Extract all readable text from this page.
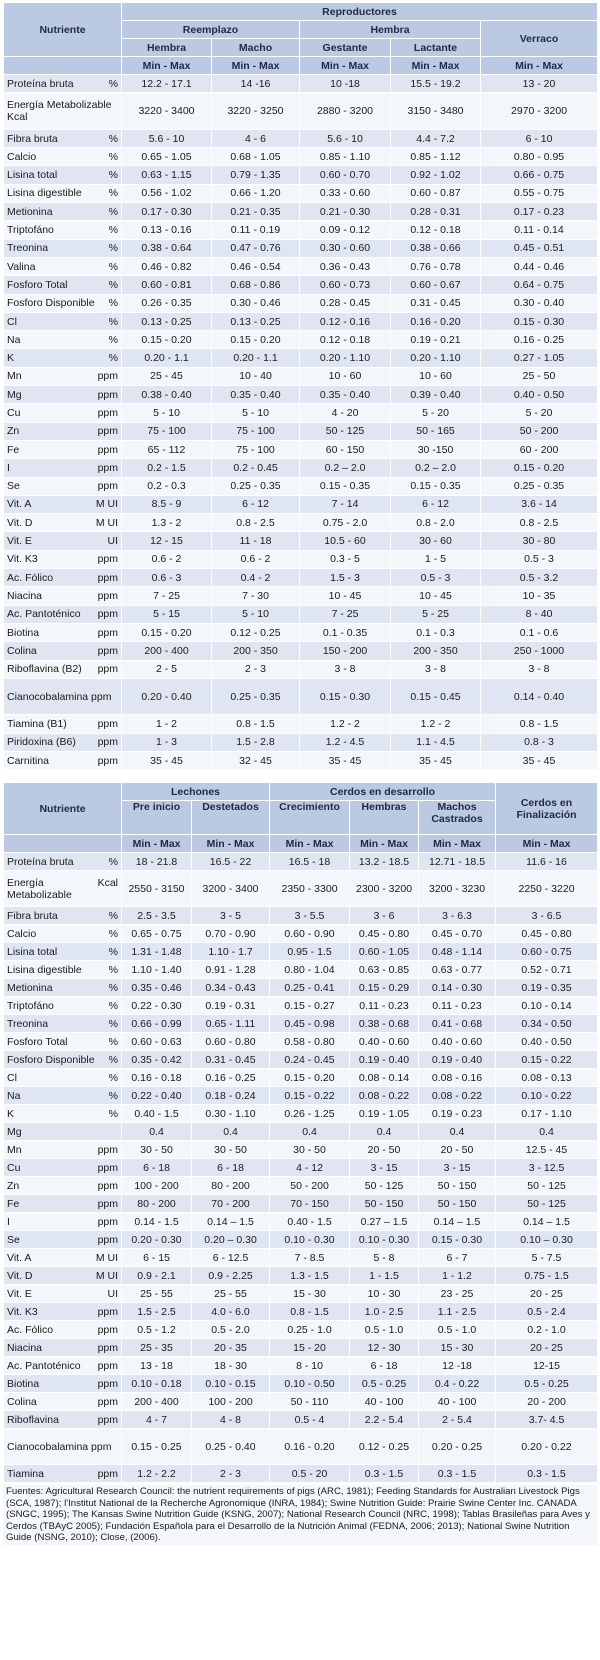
Nutriente	Reproductores				
	Reemplazo		Hembra		Verraco
	Hembra	Macho	Gestante	Lactante	
	Min - Max	Min - Max	Min - Max	Min - Max	Min - Max

Proteína bruta %	12.2 - 17.1	14 -16	10 -18	15.5 - 19.2	13 - 20

Energía Metabolizable Kcal	3220 - 3400	3220 - 3250	2880 - 3200	3150 - 3480	2970 - 3200

Fibra bruta %	5.6 - 10	4 - 6	5.6 - 10	4.4 - 7.2	6 - 10

Calcio %	0.65 - 1.05	0.68 - 1.05	0.85 - 1.10	0.85 - 1.12	0.80 - 0.95

Lisina total %	0.63 - 1.15	0.79 - 1.35	0.60 - 0.70	0.92 - 1.02	0.66 - 0.75

Lisina digestible %	0.56 - 1.02	0.66 - 1.20	0.33 - 0.60	0.60 - 0.87	0.55 - 0.75

Metionina %	0.17 - 0.30	0.21 - 0.35	0.21 - 0.30	0.28 - 0.31	0.17 - 0.23

Triptofáno %	0.13 - 0.16	0.11 - 0.19	0.09 - 0.12	0.12 - 0.18	0.11 - 0.14

Treonina %	0.38 - 0.64	0.47 - 0.76	0.30 - 0.60	0.38 - 0.66	0.45 - 0.51

Valina %	0.46 - 0.82	0.46 - 0.54	0.36 - 0.43	0.76 - 0.78	0.44 - 0.46

Fosforo Total %	0.60 - 0.81	0.68 - 0.86	0.60 - 0.73	0.60 - 0.67	0.64 - 0.75

Fosforo Disponible %	0.26 - 0.35	0.30 - 0.46	0.28 - 0.45	0.31 - 0.45	0.30 - 0.40

Cl %	0.13 - 0.25	0.13 - 0.25	0.12 - 0.16	0.16 - 0.20	0.15 - 0.30

Na %	0.15 - 0.20	0.15 - 0.20	0.12 - 0.18	0.19 - 0.21	0.16 - 0.25

K %	0.20 - 1.1	0.20 - 1.1	0.20 - 1.10	0.20 - 1.10	0.27 - 1.05

Mn ppm	25 - 45	10 - 40	10 - 60	10 - 60	25 - 50

Mg ppm	0.38 - 0.40	0.35 - 0.40	0.35 - 0.40	0.39 - 0.40	0.40 - 0.50

Cu ppm	5 - 10	5 - 10	4 - 20	5 - 20	5 - 20

Zn ppm	75 - 100	75 - 100	50 - 125	50 - 165	50 - 200

Fe ppm	65 - 112	75 - 100	60 - 150	30 -150	60 - 200

I ppm	0.2 - 1.5	0.2 - 0.45	0.2 – 2.0	0.2 – 2.0	0.15 - 0.20

Se ppm	0.2 - 0.3	0.25 - 0.35	0.15 - 0.35	0.15 - 0.35	0.25 - 0.35

Vit. A M UI	8.5 - 9	6 - 12	7 - 14	6 - 12	3.6 - 14

Vit. D M UI	1.3 - 2	0.8 - 2.5	0.75 - 2.0	0.8 - 2.0	0.8 - 2.5

Vit. E UI	12 - 15	11 - 18	10.5 - 60	30 - 60	30 - 80

Vit. K3 ppm	0.6 - 2	0.6 - 2	0.3 - 5	1 - 5	0.5 - 3

Ac. Fólico ppm	0.6 - 3	0.4 - 2	1.5 - 3	0.5 - 3	0.5 - 3.2

Niacina ppm	7 - 25	7 - 30	10 - 45	10 - 45	10 - 35

Ac. Pantoténico ppm	5 - 15	5 - 10	7 - 25	5 - 25	8 - 40

Biotina ppm	0.15 - 0.20	0.12 - 0.25	0.1 - 0.35	0.1 - 0.3	0.1 - 0.6

Colina ppm	200 - 400	200 - 350	150 - 200	200 - 350	250 - 1000

Riboflavina (B2) ppm	2 - 5	2 - 3	3 - 8	3 - 8	3 - 8

Cianocobalamina ppm	0.20 - 0.40	0.25 - 0.35	0.15 - 0.30	0.15 - 0.45	0.14 - 0.40

Tiamina (B1) ppm	1 - 2	0.8 - 1.5	1.2 - 2	1.2 - 2	0.8 - 1.5

Piridoxina (B6) ppm	1 - 3	1.5 - 2.8	1.2 - 4.5	1.1 - 4.5	0.8 - 3

Carnitina ppm	35 - 45	32 - 45	35 - 45	35 - 45	35 - 45
Nutriente	Lechones		Cerdos en desarrollo			Cerdos en Finalización
	Pre inicio	Destetados	Crecimiento	Hembras	Machos Castrados	
	Min - Max	Min - Max	Min - Max	Min - Max	Min - Max	Min - Max

Proteína bruta %	18 - 21.8	16.5 - 22	16.5 - 18	13.2 - 18.5	12.71 - 18.5	11.6 - 16

Energía Metabolizable
Kcal	2550 - 3150	3200 - 3400	2350 - 3300	2300 - 3200	3200 - 3230	2250 - 3220

Fibra bruta %	2.5 - 3.5	3 - 5	3 - 5.5	3 - 6	3 - 6.3	3 - 6.5

Calcio %	0.65 - 0.75	0.70 - 0.90	0.60 - 0.90	0.45 - 0.80	0.45 - 0.70	0.45 - 0.80

Lisina total %	1.31 - 1.48	1.10 - 1.7	0.95 - 1.5	0.60 - 1.05	0.48 - 1.14	0.60 - 0.75

Lisina digestible %	1.10 - 1.40	0.91 - 1.28	0.80 - 1.04	0.63 - 0.85	0.63 - 0.77	0.52 - 0.71

Metionina %	0.35 - 0.46	0.34 - 0.43	0.25 - 0.41	0.15 - 0.29	0.14 - 0.30	0.19 - 0.35

Triptofáno %	0.22 - 0.30	0.19 - 0.31	0.15 - 0.27	0.11 - 0.23	0.11 - 0.23	0.10 - 0.14

Treonina %	0.66 - 0.99	0.65 - 1.11	0.45 - 0.98	0.38 - 0.68	0.41 - 0.68	0.34 - 0.50

Fosforo Total %	0.60 - 0.63	0.60 - 0.80	0.58 - 0.80	0.40 - 0.60	0.40 - 0.60	0.40 - 0.50

Fosforo Disponible %	0.35 - 0.42	0.31 - 0.45	0.24 - 0.45	0.19 - 0.40	0.19 - 0.40	0.15 - 0.22

Cl %	0.16 - 0.18	0.16 - 0.25	0.15 - 0.20	0.08 - 0.14	0.08 - 0.16	0.08 - 0.13

Na %	0.22 - 0.40	0.18 - 0.24	0.15 - 0.22	0.08 - 0.22	0.08 - 0.22	0.10 - 0.22

K %	0.40 - 1.5	0.30 - 1.10	0.26 - 1.25	0.19 - 1.05	0.19 - 0.23	0.17 - 1.10

Mg	0.4	0.4	0.4	0.4	0.4	0.4

Mn ppm	30 - 50	30 - 50	30 - 50	20 - 50	20 - 50	12.5 - 45

Cu ppm	6 - 18	6 - 18	4 - 12	3 - 15	3 - 15	3 - 12.5

Zn ppm	100 - 200	80 - 200	50 - 200	50 - 125	50 - 150	50 - 125

Fe ppm	80 - 200	70 - 200	70 - 150	50 - 150	50 - 150	50 - 125

I ppm	0.14 - 1.5	0.14 – 1.5	0.40 - 1.5	0.27 – 1.5	0.14 – 1.5	0.14 – 1.5

Se ppm	0.20 - 0.30	0.20 – 0.30	0.10 - 0.30	0.10 - 0.30	0.15 - 0.30	0.10 – 0.30

Vit. A M UI	6 - 15	6 - 12.5	7 - 8.5	5 - 8	6 - 7	5 - 7.5

Vit. D M UI	0.9 - 2.1	0.9 - 2.25	1.3 - 1.5	1 - 1.5	1 - 1.2	0.75 - 1.5

Vit. E UI	25 - 55	25 - 55	15 - 30	10 - 30	23 - 25	20 - 25

Vit. K3 ppm	1.5 - 2.5	4.0 - 6.0	0.8 - 1.5	1.0 - 2.5	1.1 - 2.5	0.5 - 2.4

Ac. Fólico ppm	0.5 - 1.2	0.5 - 2.0	0.25 - 1.0	0.5 - 1.0	0.5 - 1.0	0.2 - 1.0

Niacina ppm	25 - 35	20 - 35	15 - 20	12 - 30	15 - 30	20 - 25

Ac. Pantoténico ppm	13 - 18	18 - 30	8 - 10	6 - 18	12 -18	12-15

Biotina ppm	0.10 - 0.18	0.10 - 0.15	0.10 - 0.50	0.5 - 0.25	0.4 - 0.22	0.5 - 0.25

Colina ppm	200 - 400	100 - 200	50 - 110	40 - 100	40 - 100	20 - 200

Riboflavina ppm	4 - 7	4 - 8	0.5 - 4	2.2 - 5.4	2 - 5.4	3.7- 4.5

Cianocobalamina ppm	0.15 - 0.25	0.25 - 0.40	0.16 - 0.20	0.12 - 0.25	0.20 - 0.25	0.20 - 0.22

Tiamina ppm	1.2 - 2.2	2 - 3	0.5 - 20	0.3 - 1.5	0.3 - 1.5	0.3 - 1.5
Fuentes: Agricultural Research Council: the nutrient requirements of pigs (ARC, 1981); Feeding Standards for Australian Livestock Pigs (SCA, 1987); l'Institut National de la Recherche Agronomique (INRA, 1984); Swine Nutrition Guide: Prairie Swine Center Inc. CANADA (SNGC, 1995); The Kansas Swine Nutrition Guide (KSNG, 2007); National Research Council (NRC, 1998); Tablas Brasileñas para Aves y Cerdos (TBAyC 2005); Fundación Española para el Desarrollo de la Nutrición Animal (FEDNA, 2006; 2013); National Swine Nutrition Guide (NSNG, 2010); Close, (2006).
